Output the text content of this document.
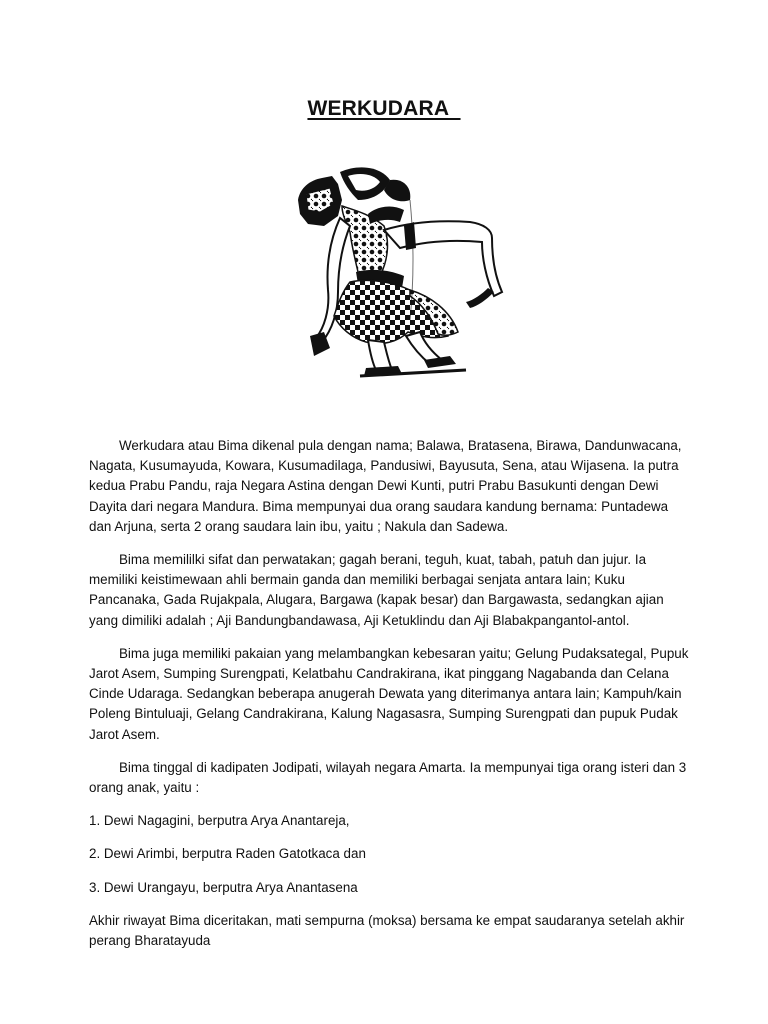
WERKUDARA

Werkudara atau Bima dikenal pula dengan nama; Balawa, Bratasena, Birawa, Dandunwacana, Nagata, Kusumayuda, Kowara, Kusumadilaga, Pandusiwi, Bayusuta, Sena, atau Wijasena. Ia putra kedua Prabu Pandu, raja Negara Astina dengan Dewi Kunti, putri Prabu Basukunti dengan Dewi Dayita dari negara Mandura. Bima mempunyai dua orang saudara kandung bernama: Puntadewa dan Arjuna, serta 2 orang saudara lain ibu, yaitu ; Nakula dan Sadewa.

Bima memililki sifat dan perwatakan; gagah berani, teguh, kuat, tabah, patuh dan jujur. Ia memiliki keistimewaan ahli bermain ganda dan memiliki berbagai senjata antara lain; Kuku Pancanaka, Gada Rujakpala, Alugara, Bargawa (kapak besar) dan Bargawasta, sedangkan ajian yang dimiliki adalah ; Aji Bandungbandawasa, Aji Ketuklindu dan Aji Blabakpangantol-antol.

Bima juga memiliki pakaian yang melambangkan kebesaran yaitu; Gelung Pudaksategal, Pupuk Jarot Asem, Sumping Surengpati, Kelatbahu Candrakirana, ikat pinggang Nagabanda dan Celana Cinde Udaraga. Sedangkan beberapa anugerah Dewata yang diterimanya antara lain; Kampuh/kain Poleng Bintuluaji, Gelang Candrakirana, Kalung Nagasasra, Sumping Surengpati dan pupuk Pudak Jarot Asem.

Bima tinggal di kadipaten Jodipati, wilayah negara Amarta. Ia mempunyai tiga orang isteri dan 3 orang anak, yaitu :

1. Dewi Nagagini, berputra Arya Anantareja,

2. Dewi Arimbi, berputra Raden Gatotkaca dan

3. Dewi Urangayu, berputra Arya Anantasena

Akhir riwayat Bima diceritakan, mati sempurna (moksa) bersama ke empat saudaranya setelah akhir perang Bharatayuda
